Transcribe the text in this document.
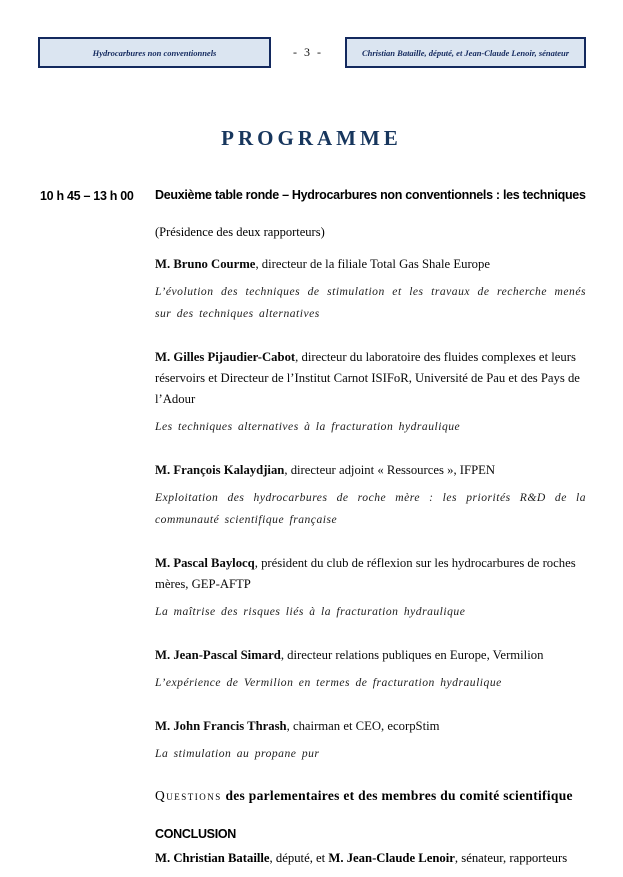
Hydrocarbures non conventionnels	- 3 -	Christian Bataille, député, et Jean-Claude Lenoir, sénateur
PROGRAMME
10 h 45 – 13 h 00	Deuxième table ronde – Hydrocarbures non conventionnels : les techniques
(Présidence des deux rapporteurs)
M. Bruno Courme, directeur de la filiale Total Gas Shale Europe
L’évolution des techniques de stimulation et les travaux de recherche menés sur des techniques alternatives
M. Gilles Pijaudier-Cabot, directeur du laboratoire des fluides complexes et leurs réservoirs et Directeur de l’Institut Carnot ISIFoR, Université de Pau et des Pays de l’Adour
Les techniques alternatives à la fracturation hydraulique
M. François Kalaydjian, directeur adjoint « Ressources », IFPEN
Exploitation des hydrocarbures de roche mère : les priorités R&D de la communauté scientifique française
M. Pascal Baylocq, président du club de réflexion sur les hydrocarbures de roches mères, GEP-AFTP
La maîtrise des risques liés à la fracturation hydraulique
M. Jean-Pascal Simard, directeur relations publiques en Europe, Vermilion
L’expérience de Vermilion en termes de fracturation hydraulique
M. John Francis Thrash, chairman et CEO, ecorpStim
La stimulation au propane pur
Questions des parlementaires et des membres du comité scientifique
CONCLUSION
M. Christian Bataille, député, et M. Jean-Claude Lenoir, sénateur, rapporteurs
